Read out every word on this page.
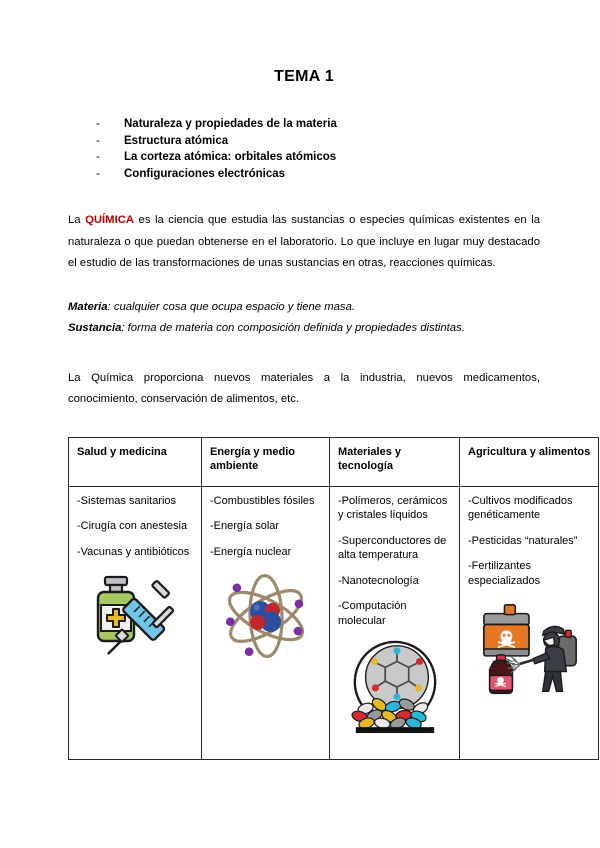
TEMA 1
- Naturaleza y propiedades de la materia
- Estructura atómica
- La corteza atómica: orbitales atómicos
- Configuraciones electrónicas

La QUÍMICA es la ciencia que estudia las sustancias o especies químicas existentes en la naturaleza o que puedan obtenerse en el laboratorio. Lo que incluye en lugar muy destacado el estudio de las transformaciones de unas sustancias en otras, reacciones químicas.

Materia: cualquier cosa que ocupa espacio y tiene masa.

Sustancia: forma de materia con composición definida y propiedades distintas.

La Química proporciona nuevos materiales a la industria, nuevos medicamentos, conocimiento, conservación de alimentos, etc.

Salud y medicina	Energía y medio ambiente	Materiales y tecnología	Agricultura y alimentos

-Sistemas sanitarios
-Cirugía con anestesia
-Vacunas y antibióticos

-Combustibles fósiles
-Energía solar
-Energía nuclear

-Polímeros, cerámicos y cristales líquidos
-Superconductores de alta temperatura
-Nanotecnología
-Computación molecular

-Cultivos modificados genéticamente
-Pesticidas “naturales”
-Fertilizantes especializados
